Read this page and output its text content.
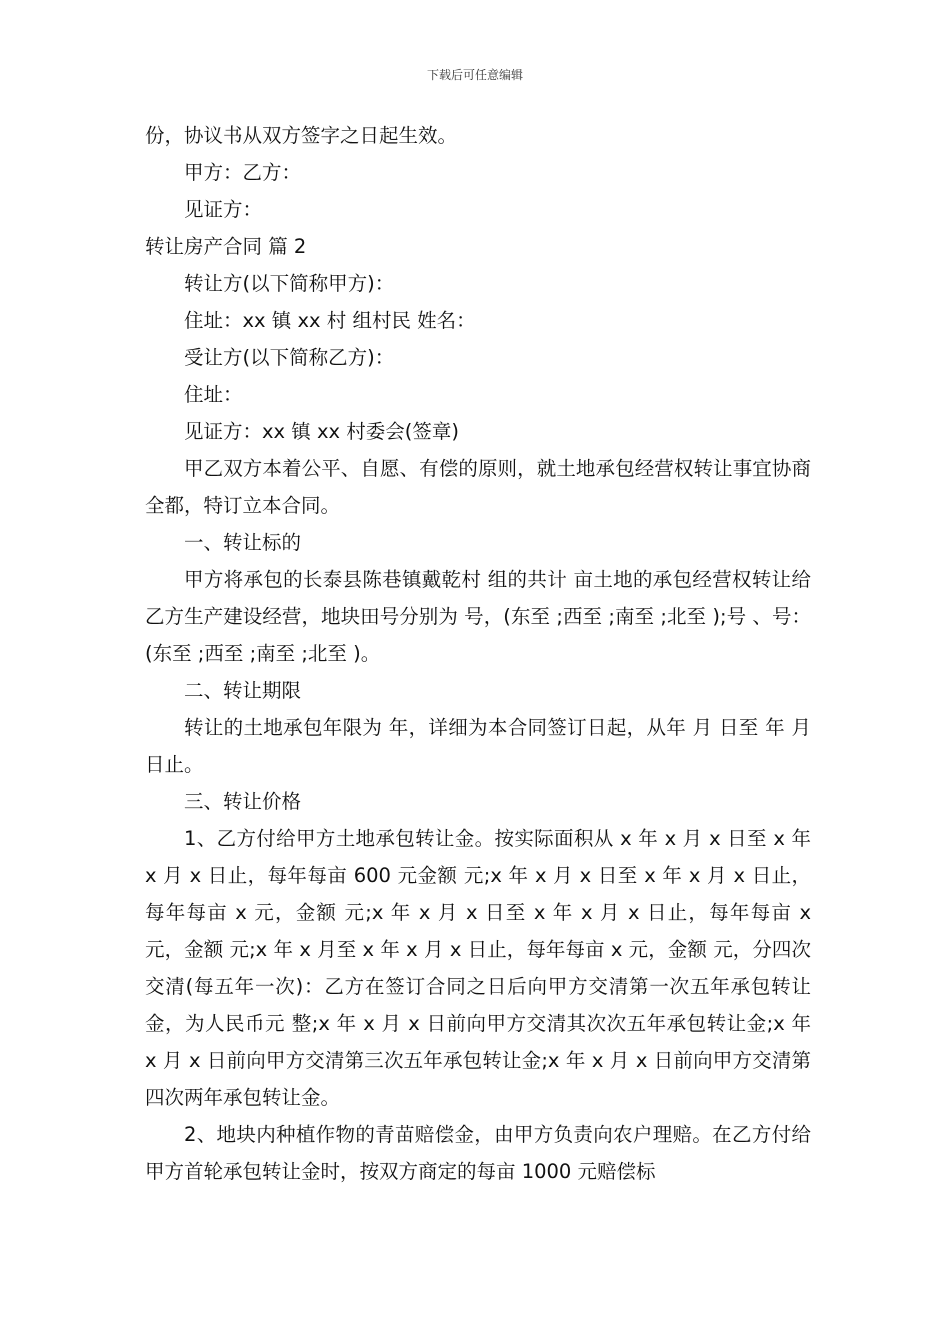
下载后可任意编辑

份，协议书从双方签字之日起生效。

甲方：乙方：

见证方：

转让房产合同 篇 2

转让方(以下简称甲方)：

住址：xx 镇 xx 村 组村民 姓名：

受让方(以下简称乙方)：

住址：

见证方：xx 镇 xx 村委会(签章)

甲乙双方本着公平、自愿、有偿的原则，就土地承包经营权转让事宜协商全都，特订立本合同。

一、转让标的

甲方将承包的长泰县陈巷镇戴乾村 组的共计 亩土地的承包经营权转让给乙方生产建设经营，地块田号分别为 号，(东至 ;西至 ;南至 ;北至 );号 、号：(东至 ;西至 ;南至 ;北至 )。

二、转让期限

转让的土地承包年限为 年，详细为本合同签订日起，从年 月 日至 年 月 日止。

三、转让价格

1、乙方付给甲方土地承包转让金。按实际面积从 x 年 x 月 x 日至 x 年 x 月 x 日止，每年每亩 600 元金额 元;x 年 x 月 x 日至 x 年 x 月 x 日止，每年每亩 x 元，金额 元;x 年 x 月 x 日至 x 年 x 月 x 日止，每年每亩 x 元，金额 元;x 年 x 月至 x 年 x 月 x 日止，每年每亩 x 元，金额 元，分四次交清(每五年一次)：乙方在签订合同之日后向甲方交清第一次五年承包转让金，为人民币元 整;x 年 x 月 x 日前向甲方交清其次次五年承包转让金;x 年 x 月 x 日前向甲方交清第三次五年承包转让金;x 年 x 月 x 日前向甲方交清第四次两年承包转让金。

2、地块内种植作物的青苗赔偿金，由甲方负责向农户理赔。在乙方付给甲方首轮承包转让金时，按双方商定的每亩 1000 元赔偿标
